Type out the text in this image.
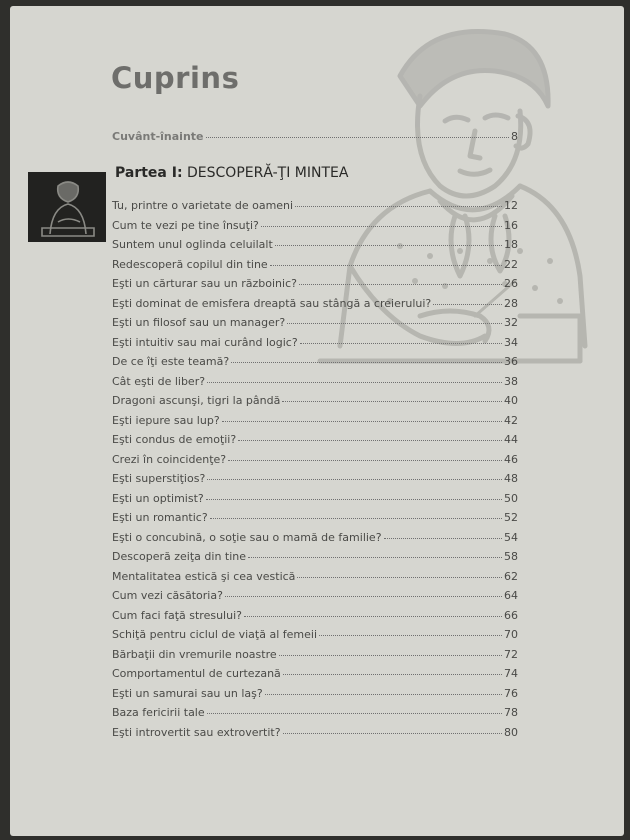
Cuprins
Cuvânt-înainte	8
Partea I: DESCOPERĂ-ŢI MINTEA
Tu, printre o varietate de oameni	12
Cum te vezi pe tine însuţi?	16
Suntem unul oglinda celuilalt	18
Redescoperă copilul din tine	22
Eşti un cărturar sau un războinic?	26
Eşti dominat de emisfera dreaptă sau stângă a creierului?	28
Eşti un filosof sau un manager?	32
Eşti intuitiv sau mai curând logic?	34
De ce îţi este teamă?	36
Cât eşti de liber?	38
Dragoni ascunşi, tigri la pândă	40
Eşti iepure sau lup?	42
Eşti condus de emoţii?	44
Crezi în coincidenţe?	46
Eşti superstiţios?	48
Eşti un optimist?	50
Eşti un romantic?	52
Eşti o concubină, o soţie sau o mamă de familie?	54
Descoperă zeiţa din tine	58
Mentalitatea estică şi cea vestică	62
Cum vezi căsătoria?	64
Cum faci faţă stresului?	66
Schiţă pentru ciclul de viaţă al femeii	70
Bărbaţii din vremurile noastre	72
Comportamentul de curtezană	74
Eşti un samurai sau un laş?	76
Baza fericirii tale	78
Eşti introvertit sau extrovertit?	80
